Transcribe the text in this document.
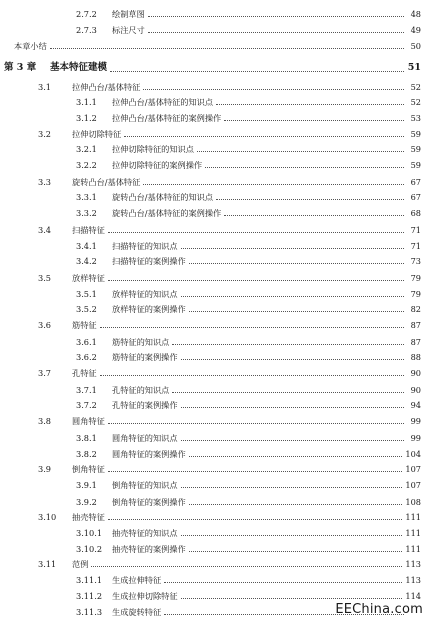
2.7.2	绘制草图	48
2.7.3	标注尺寸	49
本章小结	50
第 3 章	基本特征建模	51
3.1	拉伸凸台/基体特征	52
3.1.1	拉伸凸台/基体特征的知识点	52
3.1.2	拉伸凸台/基体特征的案例操作	53
3.2	拉伸切除特征	59
3.2.1	拉伸切除特征的知识点	59
3.2.2	拉伸切除特征的案例操作	59
3.3	旋转凸台/基体特征	67
3.3.1	旋转凸台/基体特征的知识点	67
3.3.2	旋转凸台/基体特征的案例操作	68
3.4	扫描特征	71
3.4.1	扫描特征的知识点	71
3.4.2	扫描特征的案例操作	73
3.5	放样特征	79
3.5.1	放样特征的知识点	79
3.5.2	放样特征的案例操作	82
3.6	筋特征	87
3.6.1	筋特征的知识点	87
3.6.2	筋特征的案例操作	88
3.7	孔特征	90
3.7.1	孔特征的知识点	90
3.7.2	孔特征的案例操作	94
3.8	圆角特征	99
3.8.1	圆角特征的知识点	99
3.8.2	圆角特征的案例操作	104
3.9	倒角特征	107
3.9.1	倒角特征的知识点	107
3.9.2	倒角特征的案例操作	108
3.10	抽壳特征	111
3.10.1	抽壳特征的知识点	111
3.10.2	抽壳特征的案例操作	111
3.11	范例	113
3.11.1	生成拉伸特征	113
3.11.2	生成拉伸切除特征	114
3.11.3	生成旋转特征	EEChina.com
